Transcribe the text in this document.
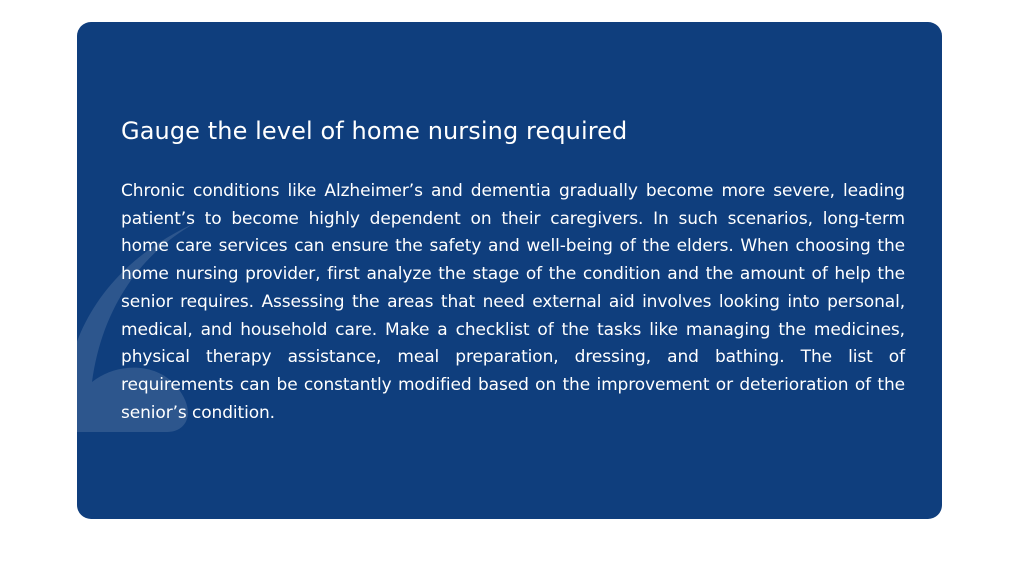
Gauge the level of home nursing required

Chronic conditions like Alzheimer’s and dementia gradually become more severe, leading patient’s to become highly dependent on their caregivers. In such scenarios, long-term home care services can ensure the safety and well-being of the elders. When choosing the home nursing provider, first analyze the stage of the condition and the amount of help the senior requires. Assessing the areas that need external aid involves looking into personal, medical, and household care. Make a checklist of the tasks like managing the medicines, physical therapy assistance, meal preparation, dressing, and bathing. The list of requirements can be constantly modified based on the improvement or deterioration of the senior’s condition.
